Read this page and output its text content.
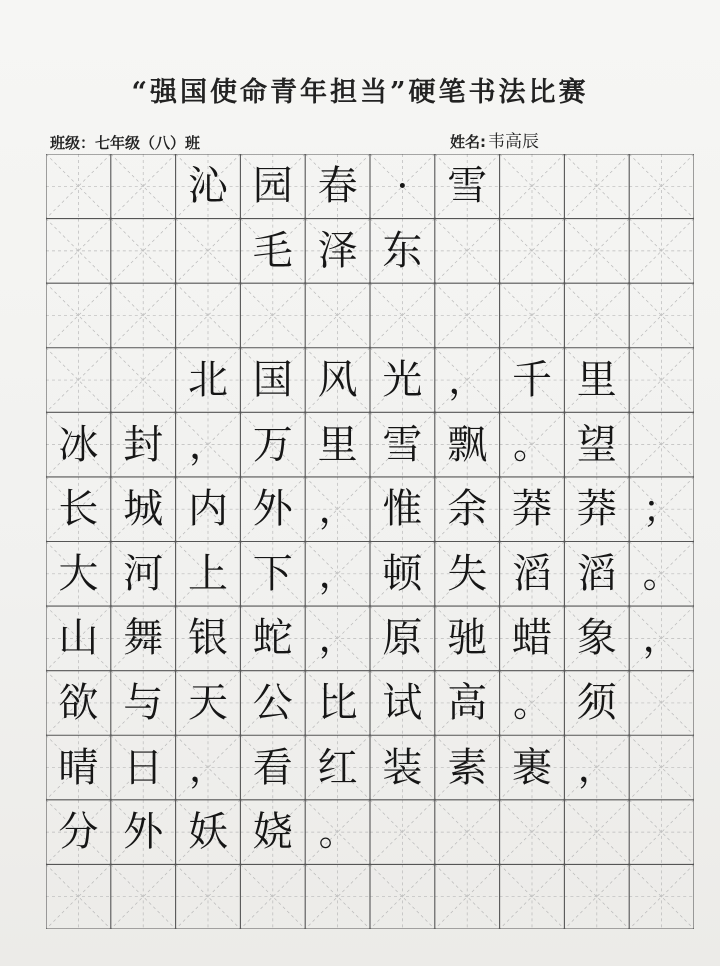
“强国使命青年担当”硬笔书法比赛
班级：七年级（八）班	姓名: 韦高辰
沁 园 春	· 雪
毛 泽 东
北 国 风 光 ， 千 里
冰 封 ， 万 里 雪 飘 。 望
长 城 内 外 ， 惟 余 莽 莽 ；
大 河 上 下 ， 顿 失 滔 滔 。
山 舞 银 蛇 ， 原 驰 蜡 象 ，
欲 与 天 公 比 试 高 。 须
晴 日 ， 看 红 装 素 裹 ，
分 外 妖 娆 。
